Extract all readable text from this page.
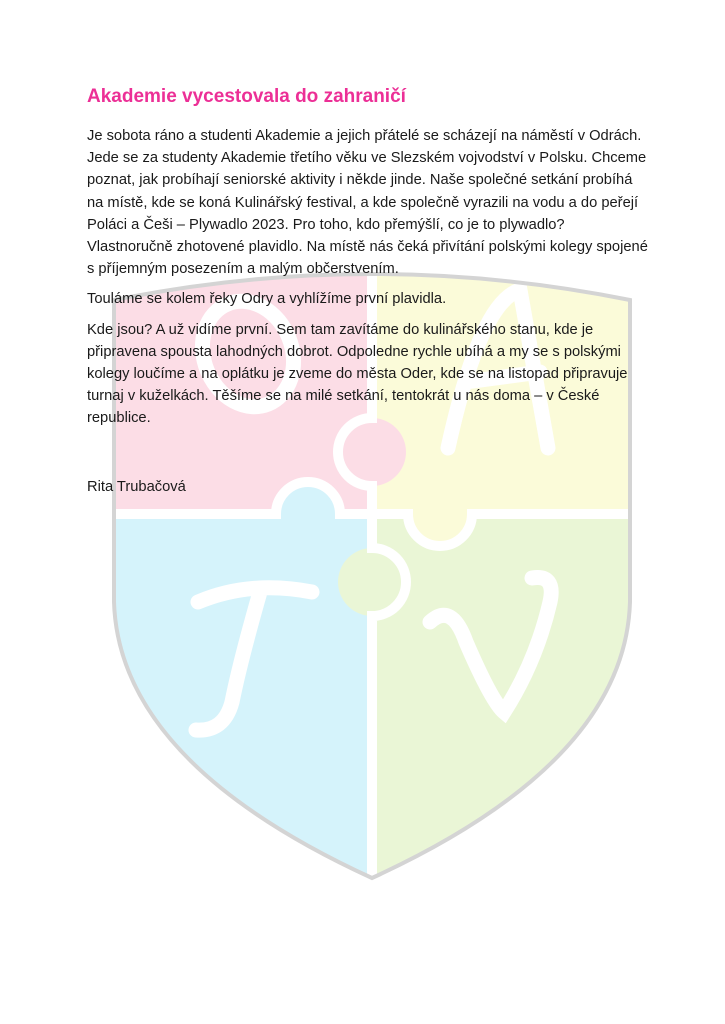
Akademie vycestovala do zahraničí

Je sobota ráno a studenti Akademie a jejich přátelé se scházejí na náměstí v Odrách. Jede se za studenty Akademie třetího věku ve Slezském vojvodství v Polsku. Chceme poznat, jak probíhají seniorské aktivity i někde jinde. Naše společné setkání probíhá na místě, kde se koná Kulinářský festival, a kde společně vyrazili na vodu a do peřejí Poláci a Češi – Plywadlo 2023. Pro toho, kdo přemýšlí, co je to plywadlo? Vlastnoručně zhotovené plavidlo. Na místě nás čeká přivítání polskými kolegy spojené s příjemným posezením a malým občerstvením.

Touláme se kolem řeky Odry a vyhlížíme první plavidla.

Kde jsou? A už vidíme první. Sem tam zavítáme do kulinářského stanu, kde je připravena spousta lahodných dobrot. Odpoledne rychle ubíhá a my se s polskými kolegy loučíme a na oplátku je zveme do města Oder, kde se na listopad připravuje turnaj v kuželkách. Těšíme se na milé setkání, tentokrát u nás doma – v České republice.

Rita Trubačová
